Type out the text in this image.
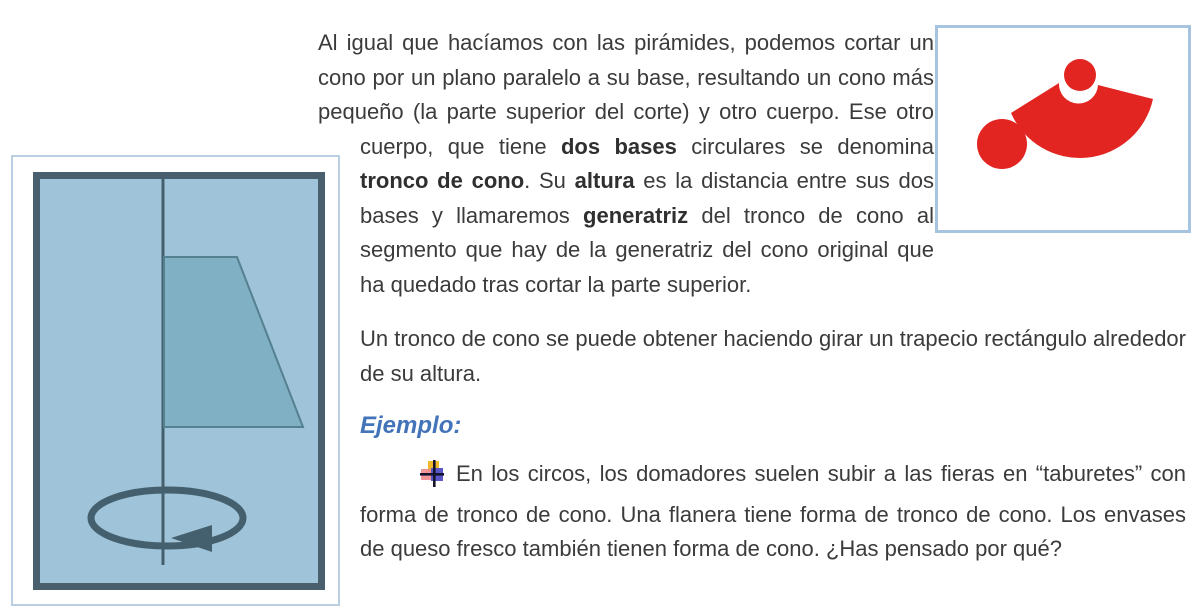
Al igual que hacíamos con las pirámides, podemos cortar un cono por un plano paralelo a su base, resultando un cono más pequeño (la parte superior del corte) y otro cuerpo. Ese otro cuerpo, que tiene dos bases circulares se denomina tronco de cono. Su altura es la distancia entre sus dos bases y llamaremos generatriz del tronco de cono al segmento que hay de la generatriz del cono original que ha quedado tras cortar la parte superior.

Un tronco de cono se puede obtener haciendo girar un trapecio rectángulo alrededor de su altura.

Ejemplo:

En los circos, los domadores suelen subir a las fieras en “taburetes” con forma de tronco de cono. Una flanera tiene forma de tronco de cono. Los envases de queso fresco también tienen forma de cono. ¿Has pensado por qué?
